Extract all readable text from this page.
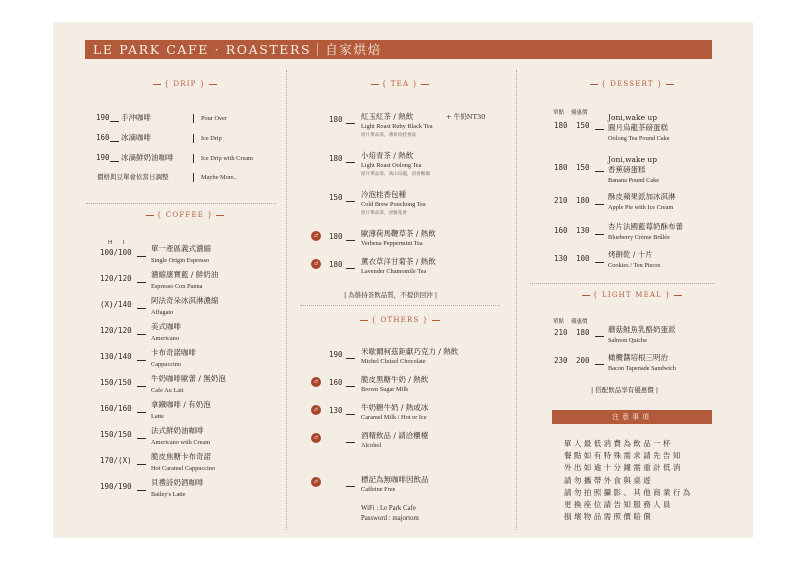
LE PARK CAFE · ROASTERS｜自家烘焙
{ DRIP }
價格與豆單會依當日調整	Maybe More..
{ COFFEE }
H I
{ TEA }
| 為維持茶飲品質，不提供回沖 |
{ OTHERS }
WiFi : Le Park Cafe
Password : majortom
{ DESSERT }
單點 優惠價
{ LIGHT MEAL }
單點 優惠價
| 搭配飲品享有優惠價 |
注意事項
單人最低消費為飲品一杯
餐點如有特殊需求請先告知
外出如逾十分鐘需重計低消
請勿攜帶外食與桌遊
請勿拍照攝影、其他商業行為
更換座位請告知服務人員
損壞物品需照價賠償
190 手沖咖啡	Pour Over
160 冰滴咖啡	Ice Drip
190 冰滴鮮奶油咖啡	Ice Drip with Cream
100/100	單一產區義式濃縮
Single Origin Espresso
120/120	濃縮康寶藍 / 鮮奶油
Espresso Con Panna
(X)/140	阿法奇朵冰淇淋濃縮
Affagato
120/120	美式咖啡
Americano
130/140	卡布奇諾咖啡
Cappuccino
150/150	牛奶咖啡歐蕾 / 無奶泡
Cafe Au Lait
160/160	拿鐵咖啡 / 有奶泡
Latte
150/150	法式鮮奶油咖啡
Americano with Cream
170/(X)	脆皮焦糖卡布奇諾
Hot Caramel Cappuccino
190/190	貝禮詩奶酒咖啡
Bailey's Latte
180 紅玉紅茶 / 熱飲	+ 牛奶NT30
Light Roast Ruby Black Tea
原片單品茶，薄荷肉桂香氣
180 小焙青茶 / 熱飲
Light Roast Oolong Tea
原片單品茶，高山烏龍，清香喉韻
150 冷泡桂香包種
Cold Brew Pouchong Tea
原片單品茶，淡雅花香
cf	180 歐薄荷馬鞭草茶 / 熱飲
Verbena Peppermint Tea
cf	180 薰衣草洋甘菊茶 / 熱飲
Lavender Chamomile Tea
190 米歇爾柯茲鉅獻巧克力 / 熱飲
Michel Cluizel Chocolate
cf	160 脆皮黑糖牛奶 / 熱飲
Brown Sugar Milk
cf	130 牛奶糖牛奶 / 熱或冰
Caramel Milk / Hot or Ice
cf	酒精飲品 / 請洽櫃檯
Alcohol
cf	標記為無咖啡因飲品
Caffeine Free
180 150
Joni,wake up
圓月烏龍茶磅蛋糕
Oolong Tea Pound Cake
180 150
Joni,wake up
香蕉磅蛋糕
Banana Pound Cake
210 180 酥皮蘋果派加冰淇淋
Apple Pie with Ice Cream
160 130 杏片法國藍莓奶酥布蕾
Blueberry Crème Brûlée
130 100 烤餅乾 / 十片
Cookies / Ten Pieces
210 180 蘑菇鮭魚乳酪奶蛋派
Salmon Quiche
230 200 橄欖醬培根三明治
Bacon Tapenade Sandwich
